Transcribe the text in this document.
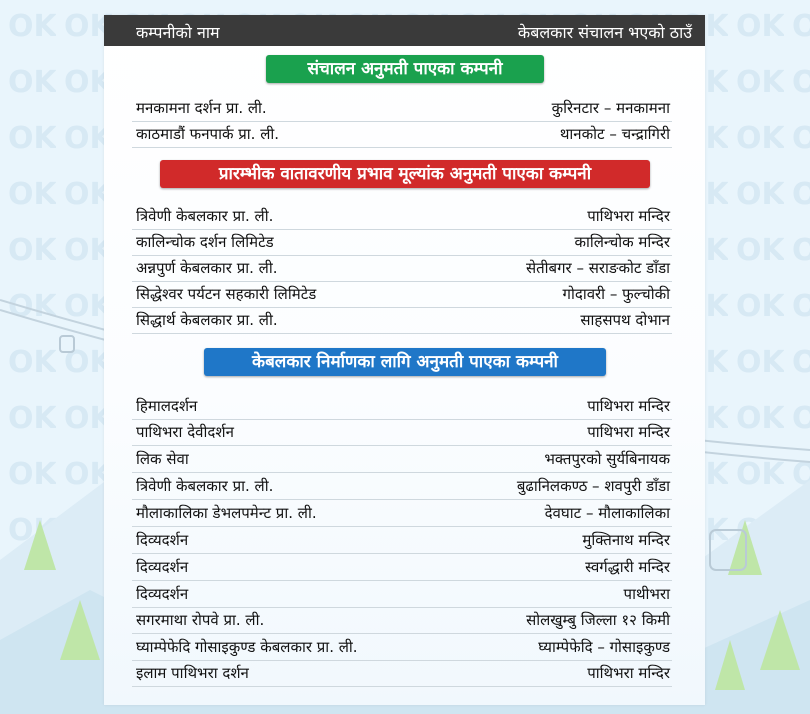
कम्पनीको नाम	केबलकार संचालन भएको ठाउँ
संचालन अनुमती पाएका कम्पनी
मनकामना दर्शन प्रा. ली.	कुरिनटार – मनकामना
काठमाडौं फनपार्क प्रा. ली.	थानकोट – चन्द्रागिरी
प्रारम्भीक वातावरणीय प्रभाव मूल्यांक अनुमती पाएका कम्पनी
त्रिवेणी केबलकार प्रा. ली.	पाथिभरा मन्दिर
कालिन्चोक दर्शन लिमिटेड	कालिन्चोक मन्दिर
अन्नपुर्ण केबलकार प्रा. ली.	सेतीबगर – सराङकोट डाँडा
सिद्धेश्वर पर्यटन सहकारी लिमिटेड	गोदावरी – फुल्चोकी
सिद्धार्थ केबलकार प्रा. ली.	साहसपथ दोभान
केबलकार निर्माणका लागि अनुमती पाएका कम्पनी
हिमालदर्शन	पाथिभरा मन्दिर
पाथिभरा देवीदर्शन	पाथिभरा मन्दिर
लिक सेवा	भक्तपुरको सुर्यबिनायक
त्रिवेणी केबलकार प्रा. ली.	बुढानिलकण्ठ – शवपुरी डाँडा
मौलाकालिका डेभलपमेन्ट प्रा. ली.	देवघाट – मौलाकालिका
दिव्यदर्शन	मुक्तिनाथ मन्दिर
दिव्यदर्शन	स्वर्गद्धारी मन्दिर
दिव्यदर्शन	पाथीभरा
सगरमाथा रोपवे प्रा. ली.	सोलखुम्बु जिल्ला १२ किमी
घ्याम्पेफेदि गोसाइकुण्ड केबलकार प्रा. ली.	घ्याम्पेफेदि – गोसाइकुण्ड
इलाम पाथिभरा दर्शन	पाथिभरा मन्दिर
